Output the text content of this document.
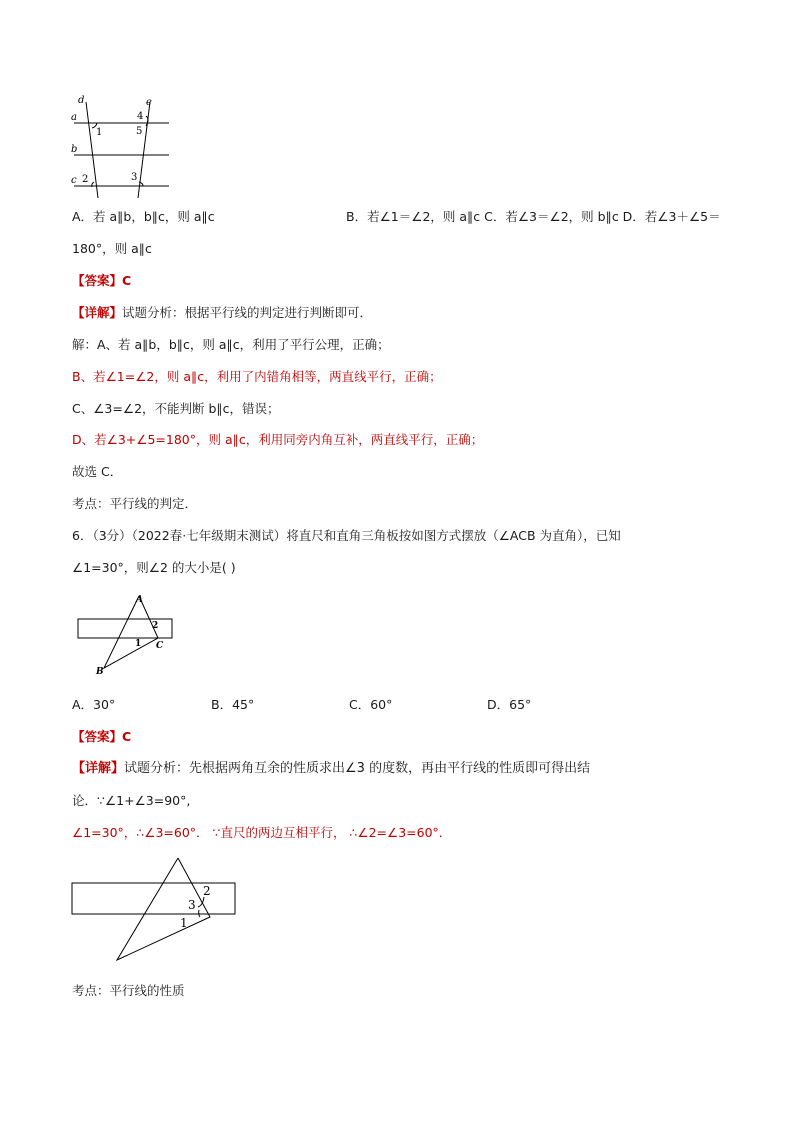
d	e
a
b
c
1
2	3
4
5
A．若 a∥b，b∥c，则 a∥c	B．若∠1＝∠2，则 a∥c C．若∠3＝∠2，则 b∥c D．若∠3＋∠5＝
180°，则 a∥c
【答案】C
【详解】试题分析：根据平行线的判定进行判断即可．
解：A、若 a∥b，b∥c，则 a∥c，利用了平行公理，正确；
B、若∠1=∠2，则 a∥c，利用了内错角相等，两直线平行，正确；
C、∠3=∠2，不能判断 b∥c，错误；
D、若∠3+∠5=180°，则 a∥c，利用同旁内角互补，两直线平行，正确；
故选 C．
考点：平行线的判定．
6．（3分）（2022春·七年级期末测试）将直尺和直角三角板按如图方式摆放（∠ACB 为直角），已知
∠1=30°，则∠2 的大小是( )
A
B
C
1
2
A．30°	B．45°	C．60°	D．65°
【答案】C
【详解】试题分析：先根据两角互余的性质求出∠3 的度数，再由平行线的性质即可得出结
论．∵∠1+∠3=90°,
∠1=30°，∴∠3=60°． ∵直尺的两边互相平行， ∴∠2=∠3=60°．
1
2
3
考点：平行线的性质
